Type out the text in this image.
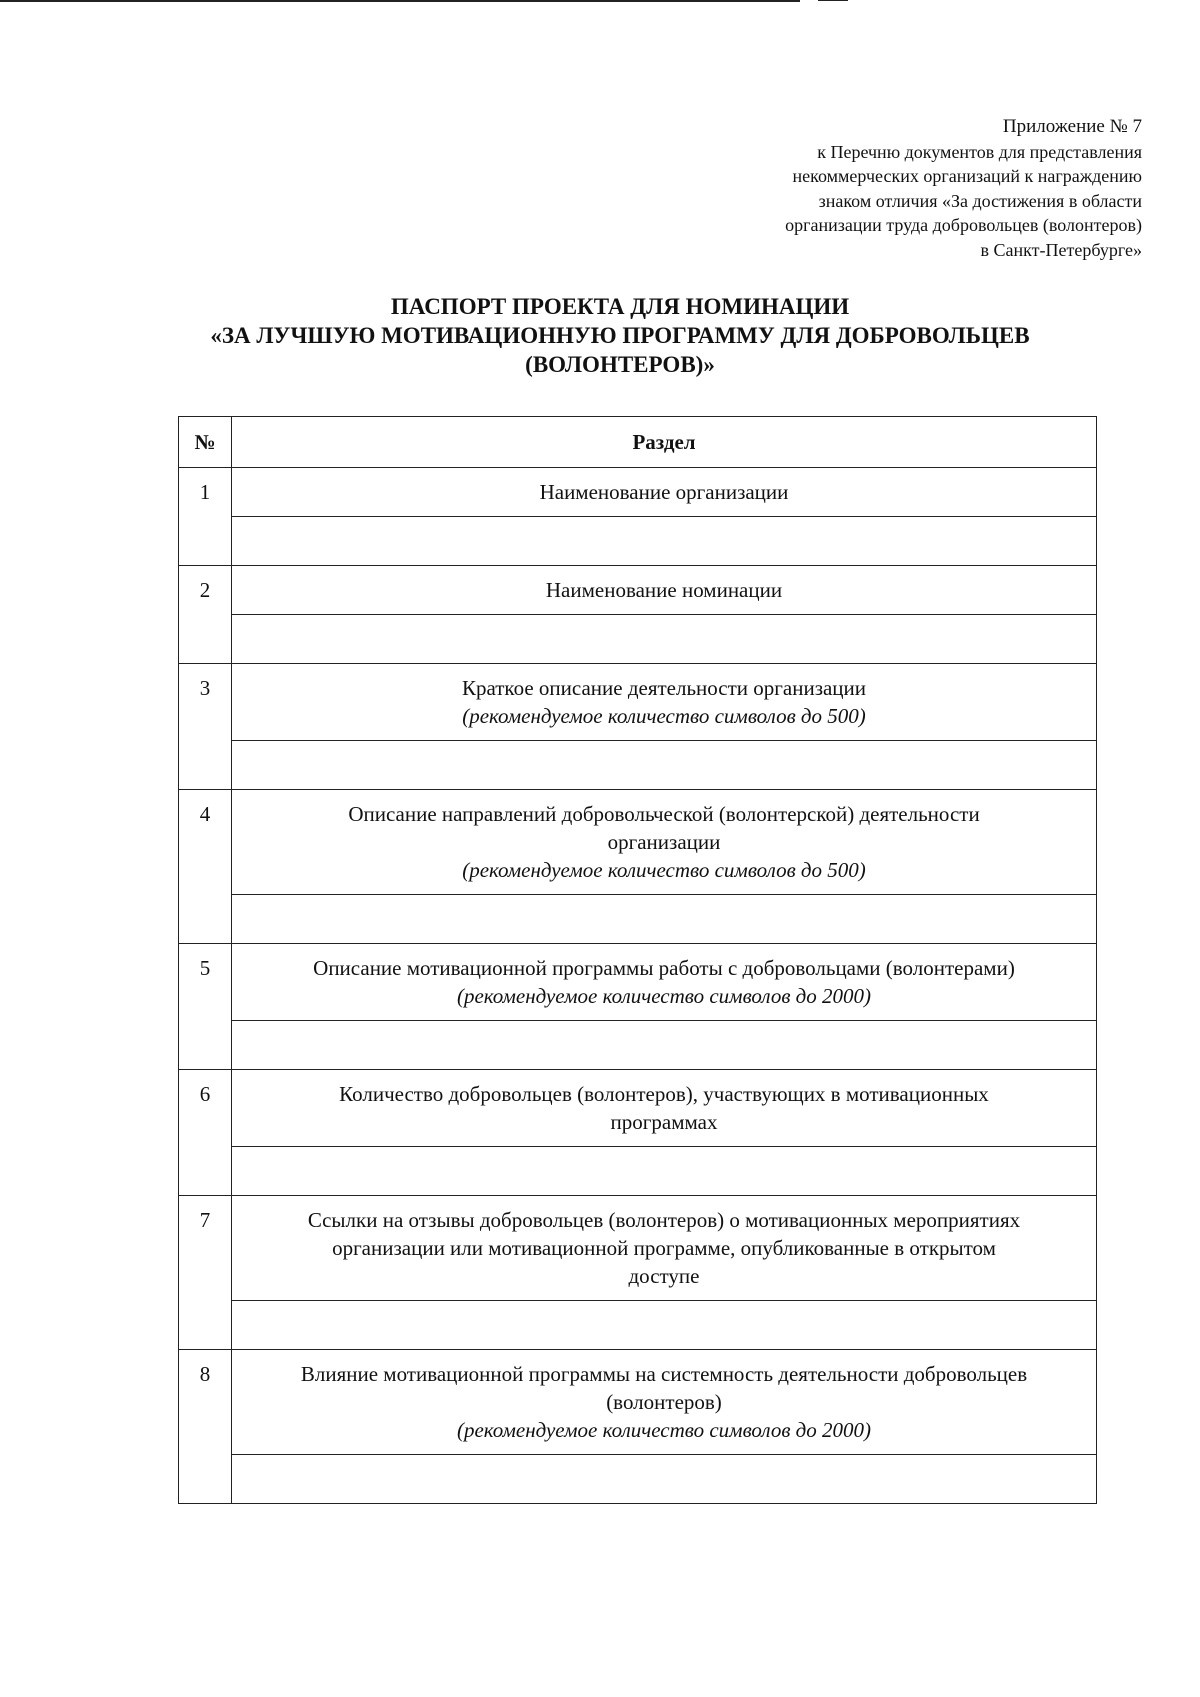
Приложение № 7
к Перечню документов для представления
некоммерческих организаций к награждению
знаком отличия «За достижения в области
организации труда добровольцев (волонтеров)
в Санкт-Петербурге»
ПАСПОРТ ПРОЕКТА ДЛЯ НОМИНАЦИИ
«ЗА ЛУЧШУЮ МОТИВАЦИОННУЮ ПРОГРАММУ ДЛЯ ДОБРОВОЛЬЦЕВ
(ВОЛОНТЕРОВ)»
№	Раздел
1	Наименование организации

2	Наименование номинации

3	Краткое описание деятельности организации
(рекомендуемое количество символов до 500)

4	Описание направлений добровольческой (волонтерской) деятельности
организации
(рекомендуемое количество символов до 500)

5	Описание мотивационной программы работы с добровольцами (волонтерами)
(рекомендуемое количество символов до 2000)

6	Количество добровольцев (волонтеров), участвующих в мотивационных
программах

7	Ссылки на отзывы добровольцев (волонтеров) о мотивационных мероприятиях
организации или мотивационной программе, опубликованные в открытом
доступе

8	Влияние мотивационной программы на системность деятельности добровольцев
(волонтеров)
(рекомендуемое количество символов до 2000)
